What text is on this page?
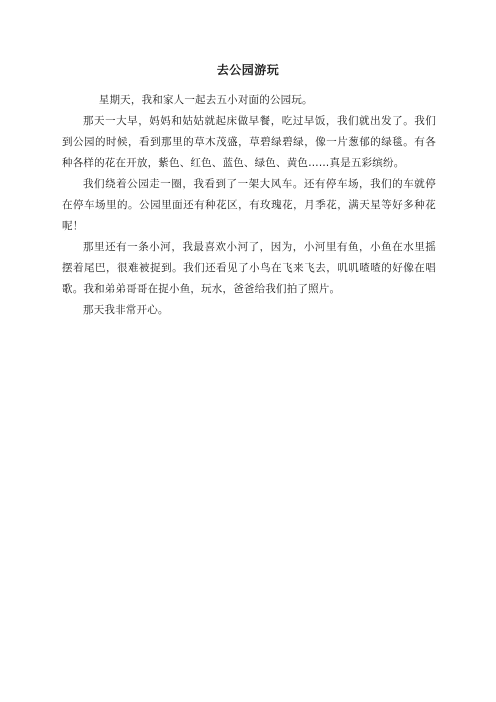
去公园游玩

星期天，我和家人一起去五小对面的公园玩。

那天一大早，妈妈和姑姑就起床做早餐，吃过早饭，我们就出发了。我们到公园的时候，看到那里的草木茂盛，草碧绿碧绿，像一片葱郁的绿毯。有各种各样的花在开放，紫色、红色、蓝色、绿色、黄色……真是五彩缤纷。

我们绕着公园走一圈，我看到了一架大风车。还有停车场，我们的车就停在停车场里的。公园里面还有种花区，有玫瑰花，月季花，满天星等好多种花呢！

那里还有一条小河，我最喜欢小河了，因为，小河里有鱼，小鱼在水里摇摆着尾巴，很难被捉到。我们还看见了小鸟在飞来飞去，叽叽喳喳的好像在唱歌。我和弟弟哥哥在捉小鱼，玩水，爸爸给我们拍了照片。

那天我非常开心。
